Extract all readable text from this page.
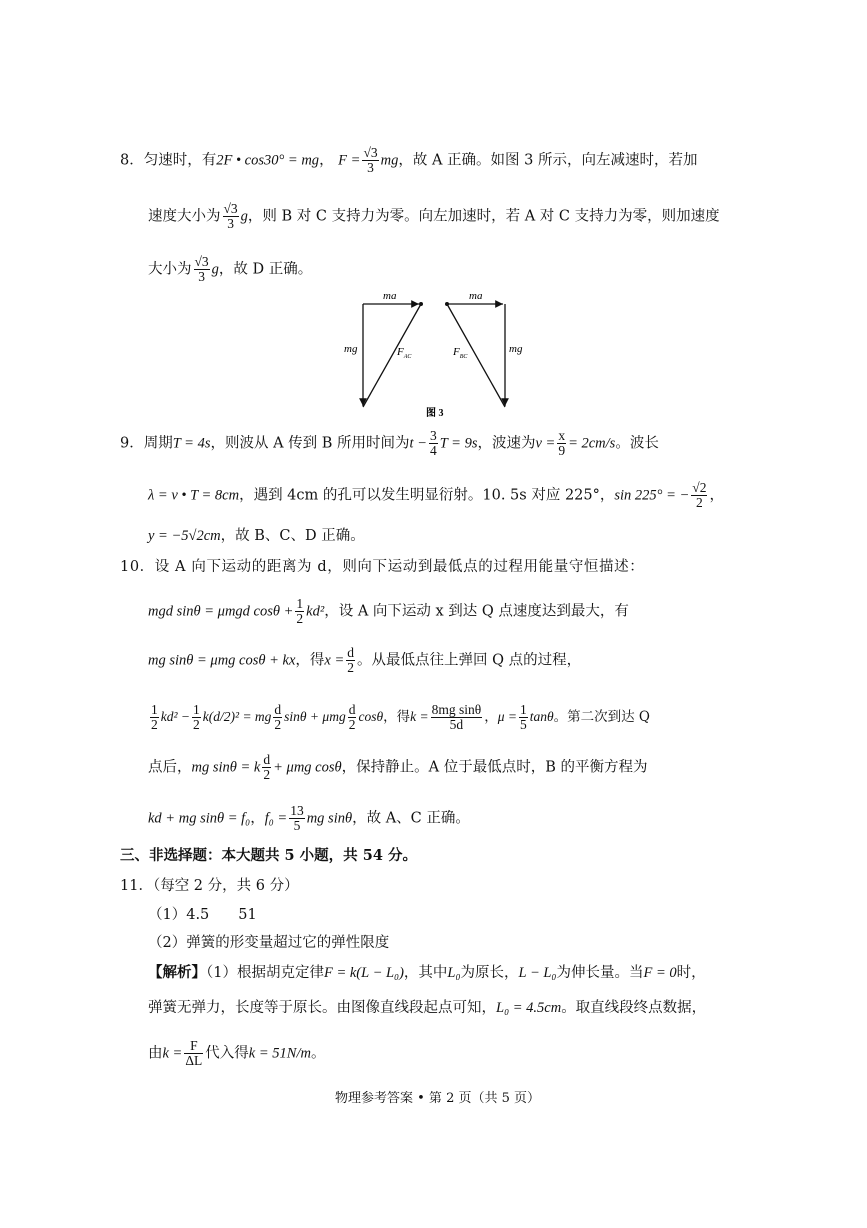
8．匀速时，有2F • cos30° = mg， $F = \frac{√3}{3}$ mg，故 A 正确。如图 3 所示，向左减速时，若加
速度大小为 $\frac{√3}{3}$ g，则 B 对 C 支持力为零。向左加速时，若 A 对 C 支持力为零，则加速度
大小为 $\frac{√3}{3}$ g，故 D 正确。
ma
mg	$F_{AC}$
ma
mg
$F_{BC}$
图 3
9．周期T = 4s，则波从 A 传到 B 所用时间为$t - \frac{3}{4}$ T = 9s，波速为$v = \frac{x}{9} = 2cm/s$。波长
λ = v • T = 8cm，遇到 4cm 的孔可以发生明显衍射。10. 5s 对应 225°，sin 225° = − $\frac{√2}{2}$ ，
y = −5√2cm，故 B、C、D 正确。
10．设 A 向下运动的距离为 d，则向下运动到最低点的过程用能量守恒描述：
mgd sinθ = μmgd $\cos\theta + \frac{1}{2} kd^2$，设 A 向下运动 x 到达 Q 点速度达到最大，有
mg sinθ = μmg cosθ + kx，得$x = \frac{d}{2}$ 。从最低点往上弹回 Q 点的过程，
$\frac{1}{2} kd^2 - \frac{1}{2} k(d/2)^2$ = mg $\frac{d}{2}$ sinθ + μmg $\frac{d}{2}$ cosθ，得$k = \frac{\text{8mg sinθ}}{5d}$ ，$\mu = \frac{1}{5}$ tanθ。第二次到达 Q
点后，mg sinθ = k $\frac{d}{2} + \mu mg$ cosθ，保持静止。A 位于最低点时，B 的平衡方程为
kd + mg sinθ = f₀，$f_0 = \frac{13}{5}$ mg sinθ，故 A、C 正确。
三、非选择题：本大题共 5 小题，共 54 分。
11．（每空 2 分，共 6 分）
（1）4.5　　51
（2）弹簧的形变量超过它的弹性限度
【解析】（1）根据胡克定律F = k(L − L₀)，其中L₀为原长，L − L₀为伸长量。当F = 0时，
弹簧无弹力，长度等于原长。由图像直线段起点可知，L₀ = 4.5cm。取直线段终点数据，
由$k = \frac{F}{\Delta L}$ 代入得k = 51N/m。
物理参考答案 • 第 2 页（共 5 页）
